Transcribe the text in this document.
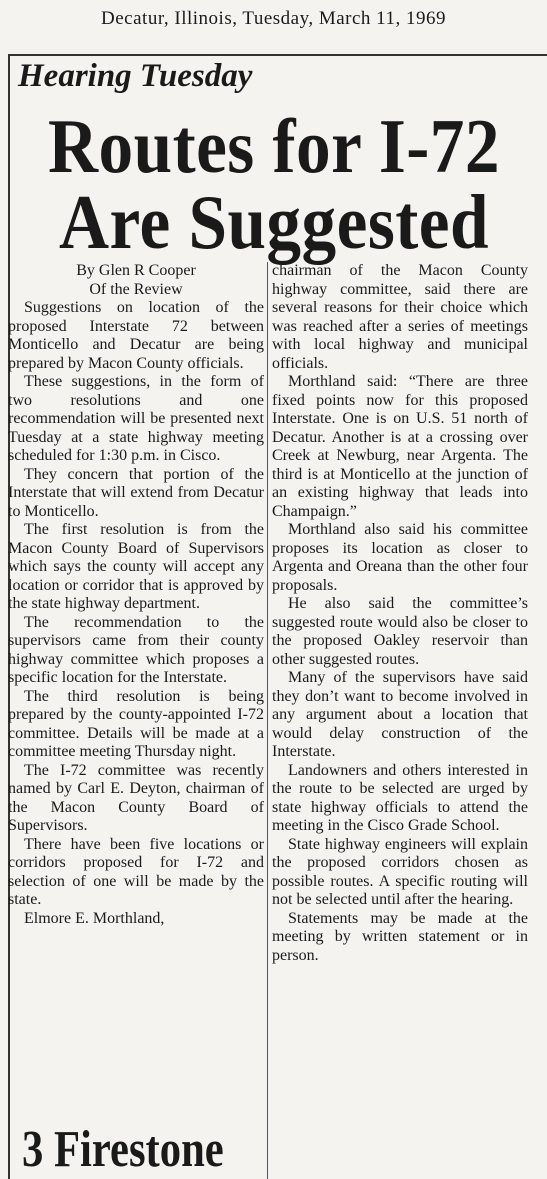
Decatur, Illinois, Tuesday, March 11, 1969
Hearing Tuesday
Routes for I-72
Are Suggested
By Glen R Cooper
Of the Review

Suggestions on location of the proposed Interstate 72 between Monticello and Decatur are being prepared by Macon County officials.

These suggestions, in the form of two resolutions and one recommendation will be presented next Tuesday at a state highway meeting scheduled for 1:30 p.m. in Cisco.

They concern that portion of the Interstate that will extend from Decatur to Monticello.

The first resolution is from the Macon County Board of Supervisors which says the county will accept any location or corridor that is approved by the state highway department.

The recommendation to the supervisors came from their county highway committee which proposes a specific location for the Interstate.

The third resolution is being prepared by the county-appointed I-72 committee. Details will be made at a committee meeting Thursday night.

The I-72 committee was recently named by Carl E. Deyton, chairman of the Macon County Board of Supervisors.

There have been five locations or corridors proposed for I-72 and selection of one will be made by the state.

Elmore E. Morthland,

chairman of the Macon County highway committee, said there are several reasons for their choice which was reached after a series of meetings with local highway and municipal officials.

Morthland said: “There are three fixed points now for this proposed Interstate. One is on U.S. 51 north of Decatur. Another is at a crossing over Creek at Newburg, near Argenta. The third is at Monticello at the junction of an existing highway that leads into Champaign.”

Morthland also said his committee proposes its location as closer to Argenta and Oreana than the other four proposals.

He also said the committee’s suggested route would also be closer to the proposed Oakley reservoir than other suggested routes.

Many of the supervisors have said they don’t want to become involved in any argument about a location that would delay construction of the Interstate.

Landowners and others interested in the route to be selected are urged by state highway officials to attend the meeting in the Cisco Grade School.

State highway engineers will explain the proposed corridors chosen as possible routes. A specific routing will not be selected until after the hearing.

Statements may be made at the meeting by written statement or in person.

3 Firestone
